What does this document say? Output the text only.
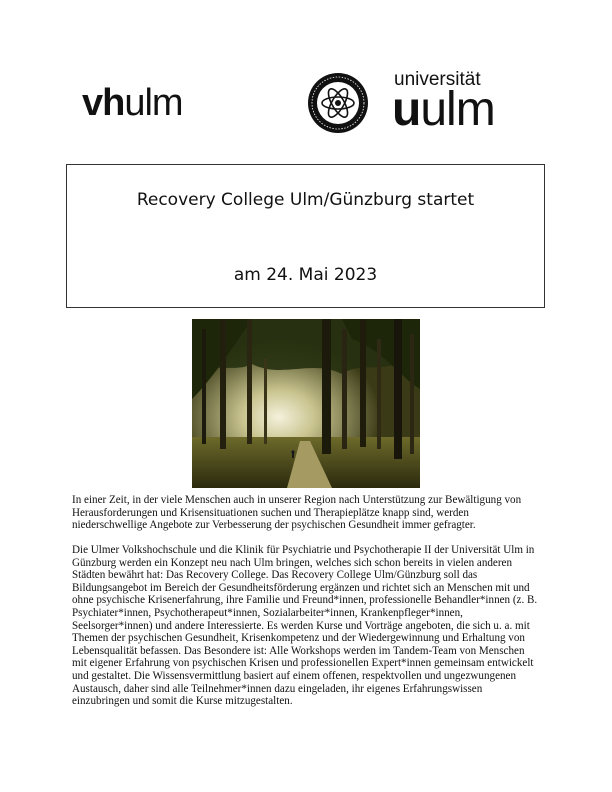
vhulm
universität
uulm
Recovery College Ulm/Günzburg startet
am 24. Mai 2023
In einer Zeit, in der viele Menschen auch in unserer Region nach Unterstützung zur Bewältigung von Herausforderungen und Krisensituationen suchen und Therapieplätze knapp sind, werden niederschwellige Angebote zur Verbesserung der psychischen Gesundheit immer gefragter.
Die Ulmer Volkshochschule und die Klinik für Psychiatrie und Psychotherapie II der Universität Ulm in Günzburg werden ein Konzept neu nach Ulm bringen, welches sich schon bereits in vielen anderen Städten bewährt hat: Das Recovery College. Das Recovery College Ulm/Günzburg soll das Bildungsangebot im Bereich der Gesundheitsförderung ergänzen und richtet sich an Menschen mit und ohne psychische Krisenerfahrung, ihre Familie und Freund*innen, professionelle Behandler*innen (z. B. Psychiater*innen, Psychotherapeut*innen, Sozialarbeiter*innen, Krankenpfleger*innen, Seelsorger*innen) und andere Interessierte. Es werden Kurse und Vorträge angeboten, die sich u. a. mit Themen der psychischen Gesundheit, Krisenkompetenz und der Wiedergewinnung und Erhaltung von Lebensqualität befassen. Das Besondere ist: Alle Workshops werden im Tandem-Team von Menschen mit eigener Erfahrung von psychischen Krisen und professionellen Expert*innen gemeinsam entwickelt und gestaltet. Die Wissensvermittlung basiert auf einem offenen, respektvollen und ungezwungenen Austausch, daher sind alle Teilnehmer*innen dazu eingeladen, ihr eigenes Erfahrungswissen einzubringen und somit die Kurse mitzugestalten.
